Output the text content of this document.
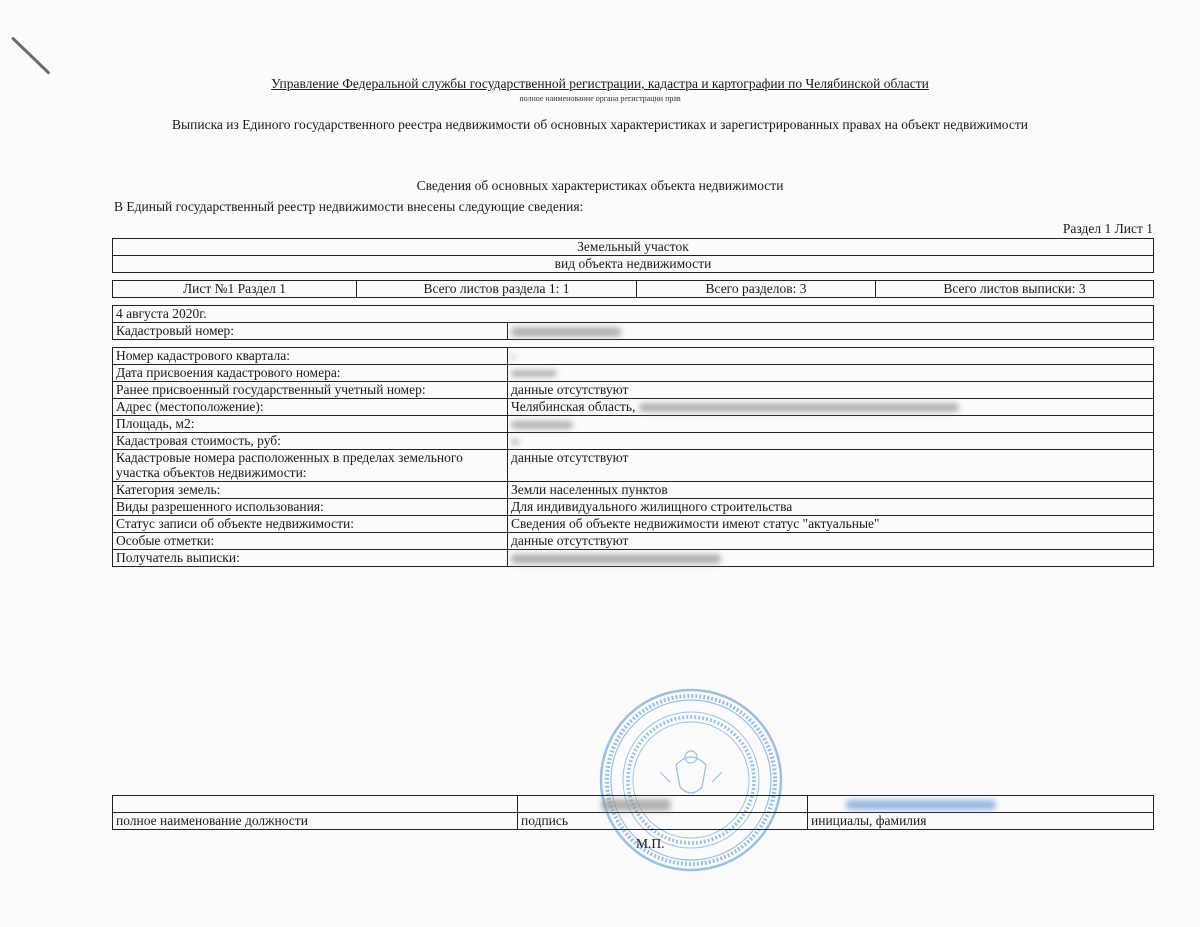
Управление Федеральной службы государственной регистрации, кадастра и картографии по Челябинской области
полное наименование органа регистрации прав
Выписка из Единого государственного реестра недвижимости об основных характеристиках и зарегистрированных правах на объект недвижимости
Сведения об основных характеристиках объекта недвижимости
В Единый государственный реестр недвижимости внесены следующие сведения:
Раздел 1 Лист 1
Земельный участок
вид объекта недвижимости
Лист №1 Раздел 1	Всего листов раздела 1: 1	Всего разделов: 3	Всего листов выписки: 3
4 августа 2020г.
Кадастровый номер:	
Номер кадастрового квартала:	
Дата присвоения кадастрового номера:	
Ранее присвоенный государственный учетный номер:	данные отсутствуют
Адрес (местоположение):	Челябинская область,
Площадь, м2:	
Кадастровая стоимость, руб:	
Кадастровые номера расположенных в пределах земельного участка объектов недвижимости:	данные отсутствуют
Категория земель:	Земли населенных пунктов
Виды разрешенного использования:	Для индивидуального жилищного строительства
Статус записи об объекте недвижимости:	Сведения об объекте недвижимости имеют статус "актуальные"
Особые отметки:	данные отсутствуют
Получатель выписки:	

полное наименование должности	подпись	инициалы, фамилия
М.П.
